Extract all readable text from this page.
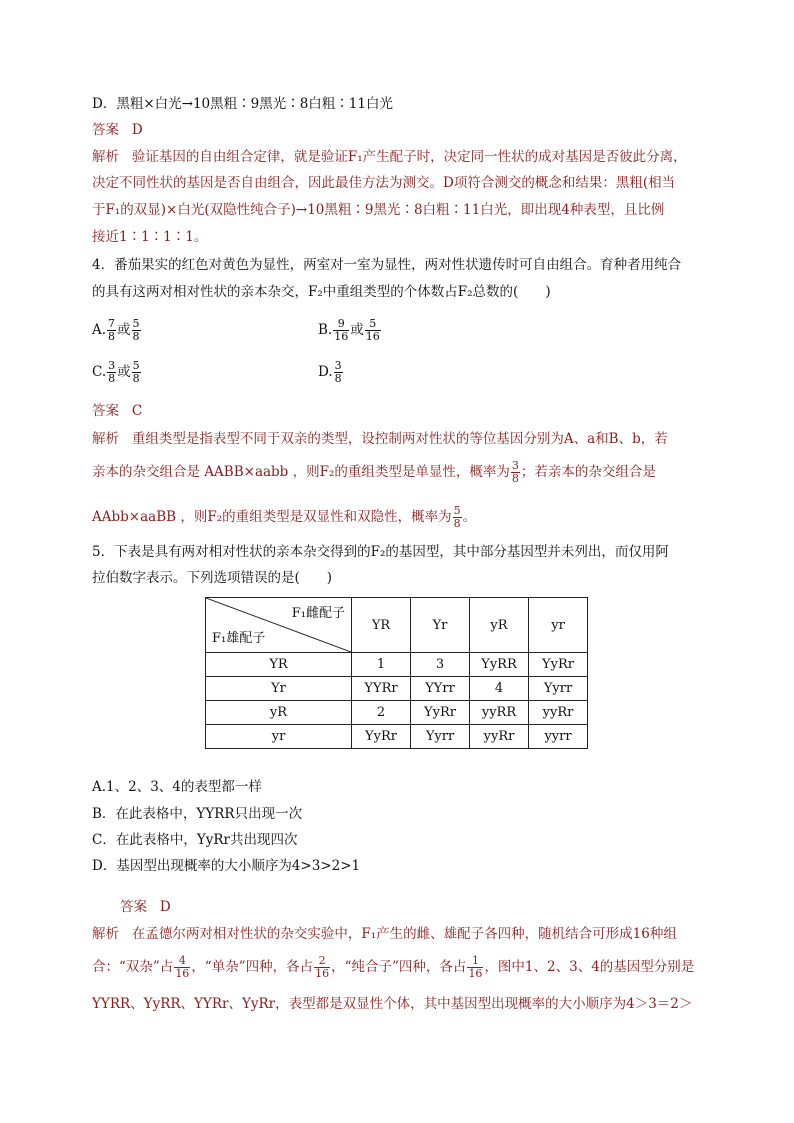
D．黑粗×白光→10黑粗∶9黑光∶8白粗∶11白光
答案 D
解析 验证基因的自由组合定律，就是验证F₁产生配子时，决定同一性状的成对基因是否彼此分离，
决定不同性状的基因是否自由组合，因此最佳方法为测交。D项符合测交的概念和结果：黑粗(相当
于F₁的双显)×白光(双隐性纯合子)→10黑粗∶9黑光∶8白粗∶11白光，即出现4种表型，且比例
接近1∶1∶1∶1。
4．番茄果实的红色对黄色为显性，两室对一室为显性，两对性状遗传时可自由组合。育种者用纯合
的具有这两对相对性状的亲本杂交，F₂中重组类型的个体数占F₂总数的(　　)
A. $\frac{7}{8}$ 或 $\frac{5}{8}$	B. $\frac{9}{16}$ 或 $\frac{5}{16}$
C. $\frac{3}{8}$ 或 $\frac{5}{8}$	D. $\frac{3}{8}$
答案 C
解析 重组类型是指表型不同于双亲的类型，设控制两对性状的等位基因分别为A、a和B、b，若
亲本的杂交组合是 AABB×aabb ，则F₂的重组类型是单显性，概率为 $\frac{3}{8}$ ；若亲本的杂交组合是
AAbb×aaBB ，则F₂的重组类型是双显性和双隐性，概率为 $\frac{5}{8}$ 。
5．下表是具有两对相对性状的亲本杂交得到的F₂的基因型，其中部分基因型并未列出，而仅用阿
拉伯数字表示。下列选项错误的是(　　)
F₁雌配子
F₁雄配子	YR	Yr	yR	yr
YR	1	3	YyRR	YyRr
Yr	YYRr	YYrr	4	Yyrr
yR	2	YyRr	yyRR	yyRr
yr	YyRr	Yyrr	yyRr	yyrr
A.1、2、3、4的表型都一样
B．在此表格中，YYRR只出现一次
C．在此表格中，YyRr共出现四次
D．基因型出现概率的大小顺序为4>3>2>1
答案 D
解析 在孟德尔两对相对性状的杂交实验中，F₁产生的雌、雄配子各四种，随机结合可形成16种组
合：“双杂”占 $\frac{4}{16}$ ，“单杂”四种，各占 $\frac{2}{16}$ ，“纯合子”四种，各占 $\frac{1}{16}$ ，图中1、2、3、4的基因型分别是
YYRR、YyRR、YYRr、YyRr，表型都是双显性个体，其中基因型出现概率的大小顺序为4＞3＝2＞
